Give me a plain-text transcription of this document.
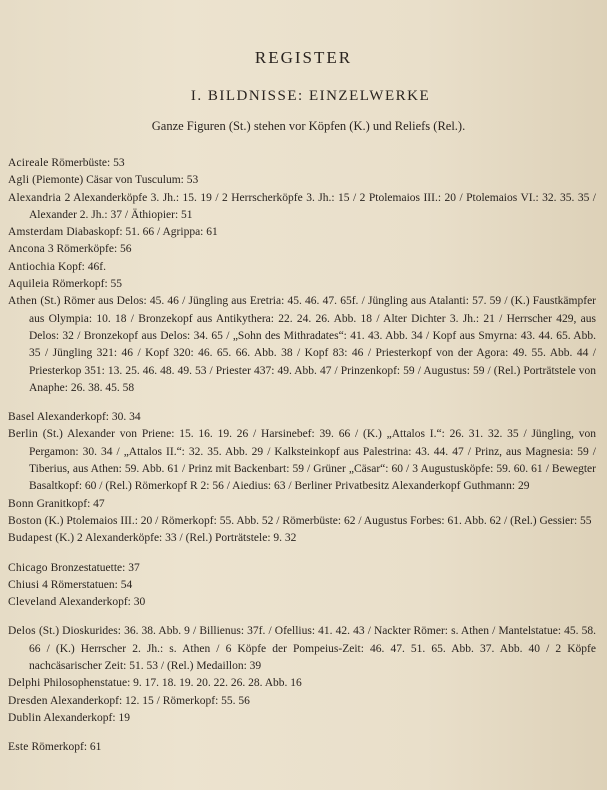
REGISTER
I. BILDNISSE: EINZELWERKE
Ganze Figuren (St.) stehen vor Köpfen (K.) und Reliefs (Rel.).

Acireale Römerbüste: 53

Agli (Piemonte) Cäsar von Tusculum: 53

Alexandria 2 Alexanderköpfe 3. Jh.: 15. 19 / 2 Herrscherköpfe 3. Jh.: 15 / 2 Ptolemaios III.: 20 / Ptolemaios VI.: 32. 35. 35 / Alexander 2. Jh.: 37 / Äthiopier: 51

Amsterdam Diabaskopf: 51. 66 / Agrippa: 61

Ancona 3 Römerköpfe: 56

Antiochia Kopf: 46f.

Aquileia Römerkopf: 55

Athen (St.) Römer aus Delos: 45. 46 / Jüngling aus Eretria: 45. 46. 47. 65f. / Jüngling aus Atalanti: 57. 59 / (K.) Faustkämpfer aus Olympia: 10. 18 / Bronzekopf aus Antikythera: 22. 24. 26. Abb. 18 / Alter Dichter 3. Jh.: 21 / Herrscher 429, aus Delos: 32 / Bronzekopf aus Delos: 34. 65 / „Sohn des Mithradates“: 41. 43. Abb. 34 / Kopf aus Smyrna: 43. 44. 65. Abb. 35 / Jüngling 321: 46 / Kopf 320: 46. 65. 66. Abb. 38 / Kopf 83: 46 / Priesterkopf von der Agora: 49. 55. Abb. 44 / Priesterkop 351: 13. 25. 46. 48. 49. 53 / Priester 437: 49. Abb. 47 / Prinzenkopf: 59 / Augustus: 59 / (Rel.) Porträtstele von Anaphe: 26. 38. 45. 58

Basel Alexanderkopf: 30. 34

Berlin (St.) Alexander von Priene: 15. 16. 19. 26 / Harsinebef: 39. 66 / (K.) „Attalos I.“: 26. 31. 32. 35 / Jüngling, von Pergamon: 30. 34 / „Attalos II.“: 32. 35. Abb. 29 / Kalksteinkopf aus Palestrina: 43. 44. 47 / Prinz, aus Magnesia: 59 / Tiberius, aus Athen: 59. Abb. 61 / Prinz mit Backenbart: 59 / Grüner „Cäsar“: 60 / 3 Augustusköpfe: 59. 60. 61 / Bewegter Basaltkopf: 60 / (Rel.) Römerkopf R 2: 56 / Aiedius: 63 / Berliner Privatbesitz Alexanderkopf Guthmann: 29

Bonn Granitkopf: 47

Boston (K.) Ptolemaios III.: 20 / Römerkopf: 55. Abb. 52 / Römerbüste: 62 / Augustus Forbes: 61. Abb. 62 / (Rel.) Gessier: 55

Budapest (K.) 2 Alexanderköpfe: 33 / (Rel.) Porträtstele: 9. 32

Chicago Bronzestatuette: 37

Chiusi 4 Römerstatuen: 54

Cleveland Alexanderkopf: 30

Delos (St.) Dioskurides: 36. 38. Abb. 9 / Billienus: 37f. / Ofellius: 41. 42. 43 / Nackter Römer: s. Athen / Mantelstatue: 45. 58. 66 / (K.) Herrscher 2. Jh.: s. Athen / 6 Köpfe der Pompeius-Zeit: 46. 47. 51. 65. Abb. 37. Abb. 40 / 2 Köpfe nachcäsarischer Zeit: 51. 53 / (Rel.) Medaillon: 39

Delphi Philosophenstatue: 9. 17. 18. 19. 20. 22. 26. 28. Abb. 16

Dresden Alexanderkopf: 12. 15 / Römerkopf: 55. 56

Dublin Alexanderkopf: 19

Este Römerkopf: 61
